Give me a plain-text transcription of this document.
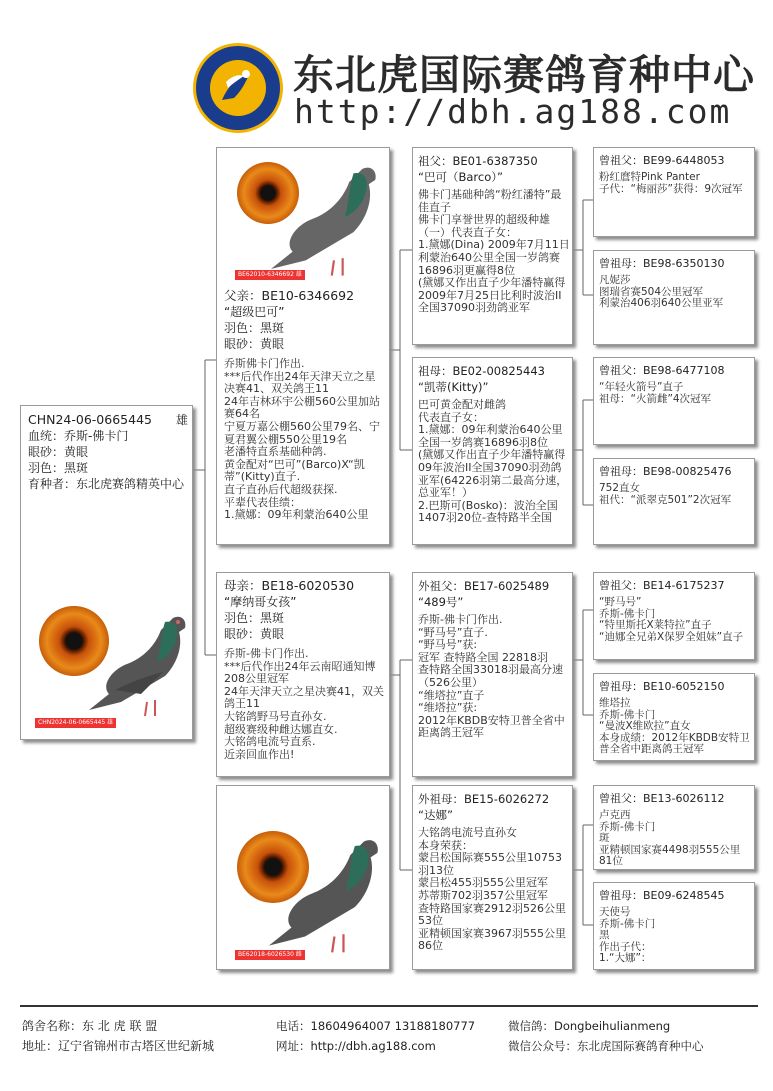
东北虎国际赛鸽育种中心
http://dbh.ag188.com
CHN24-06-0665445 雄
血统：乔斯-佛卡门
眼砂：黄眼
羽色：黑斑
育种者：东北虎赛鸽精英中心
CHN2024-06-0665445 雄
BE62010-6346692 雄
父亲：BE10-6346692
“超级巴可”
羽色：黑斑
眼砂：黄眼
乔斯佛卡门作出.
***后代作出24年天津天立之星决赛41、双关鸽王11
24年吉林环宇公棚560公里加站赛64名
宁夏万嘉公棚560公里79名、宁夏君翼公棚550公里19名
老潘特直系基础种鸽.
黄金配对“巴可”(Barco)X“凯蒂”(Kitty)直子.
直子直孙后代超级获探.
平辈代表佳绩：
1.黛娜：09年利蒙治640公里
母亲：BE18-6020530
“摩纳哥女孩”
羽色：黑斑
眼砂：黄眼
乔斯-佛卡门作出.
***后代作出24年云南昭通知博208公里冠军
24年天津天立之星决赛41，双关鸽王11
大铭鸽野马号直孙女.
超级赛级种雌达娜直女.
大铭鸽电流号直系.
近亲回血作出!
祖父：BE01-6387350
“巴可（Barco）”
佛卡门基础种鸽“粉红潘特”最佳直子
佛卡门享誉世界的超级种雄（一）代表直子女：
1.黛娜(Dina) 2009年7月11日利蒙治640公里全国一岁鸽赛16896羽更赢得8位
(黛娜又作出直子少年潘特赢得2009年7月25日比利时波治II全国37090羽劲鸽亚军
祖母：BE02-00825443
“凯蒂(Kitty)”
巴可黄金配对雌鸽
代表直子女：
1.黛娜：09年利蒙治640公里全国一岁鸽赛16896羽8位
(黛娜又作出直子少年潘特赢得09年波治II全国37090羽劲鸽亚军(64226羽第二最高分速，总亚军！）
2.巴斯可(Bosko)：波治全国1407羽20位-查特路半全国
外祖父：BE17-6025489
“489号”
乔斯-佛卡门作出.
“野马号”直子.
“野马号”获:
冠军 查特路全国 22818羽
查特路全国33018羽最高分速（526公里）
“维塔拉”直子
“维塔拉”获:
2012年KBDB安特卫普全省中距离鸽王冠军
外祖母：BE15-6026272
“达娜”
大铭鸽电流号直孙女
本身荣获：
蒙吕松国际赛555公里10753羽13位
蒙吕松455羽555公里冠军
苏蒂斯702羽357公里冠军
查特路国家赛2912羽526公里53位
亚精顿国家赛3967羽555公里86位
BE62018-6026530 雌
曾祖父：BE99-6448053
粉红麿特Pink Panter
子代：“梅丽莎”获得：9次冠军
曾祖母：BE98-6350130
凡妮莎
图瑞省赛504公里冠军
利蒙治406羽640公里亚军
曾祖父：BE98-6477108
“年轻火箭号”直子
祖母：“火箭雌”4次冠军
曾祖母：BE98-00825476
752直女
祖代：“派翠克501”2次冠军
曾祖父：BE14-6175237
“野马号”
乔斯-佛卡门
“特里斯托X莱特拉”直子
“迪娜全兄弟X保罗全姐妹”直子
曾祖母：BE10-6052150
维塔拉
乔斯-佛卡门
“曼波X维欧拉”直女
本身成绩：2012年KBDB安特卫普全省中距离鸽王冠军
曾祖父：BE13-6026112
卢克西
乔斯-佛卡门
斑
亚精顿国家赛4498羽555公里81位
曾祖母：BE09-6248545
天使号
乔斯-佛卡门
黑
作出子代：
1.“大娜”：
鸽舍名称：东 北 虎 联 盟
地址：辽宁省锦州市古塔区世纪新城
电话：18604964007 13188180777
网址：http://dbh.ag188.com
微信鸽：Dongbeihulianmeng
微信公众号：东北虎国际赛鸽育种中心
